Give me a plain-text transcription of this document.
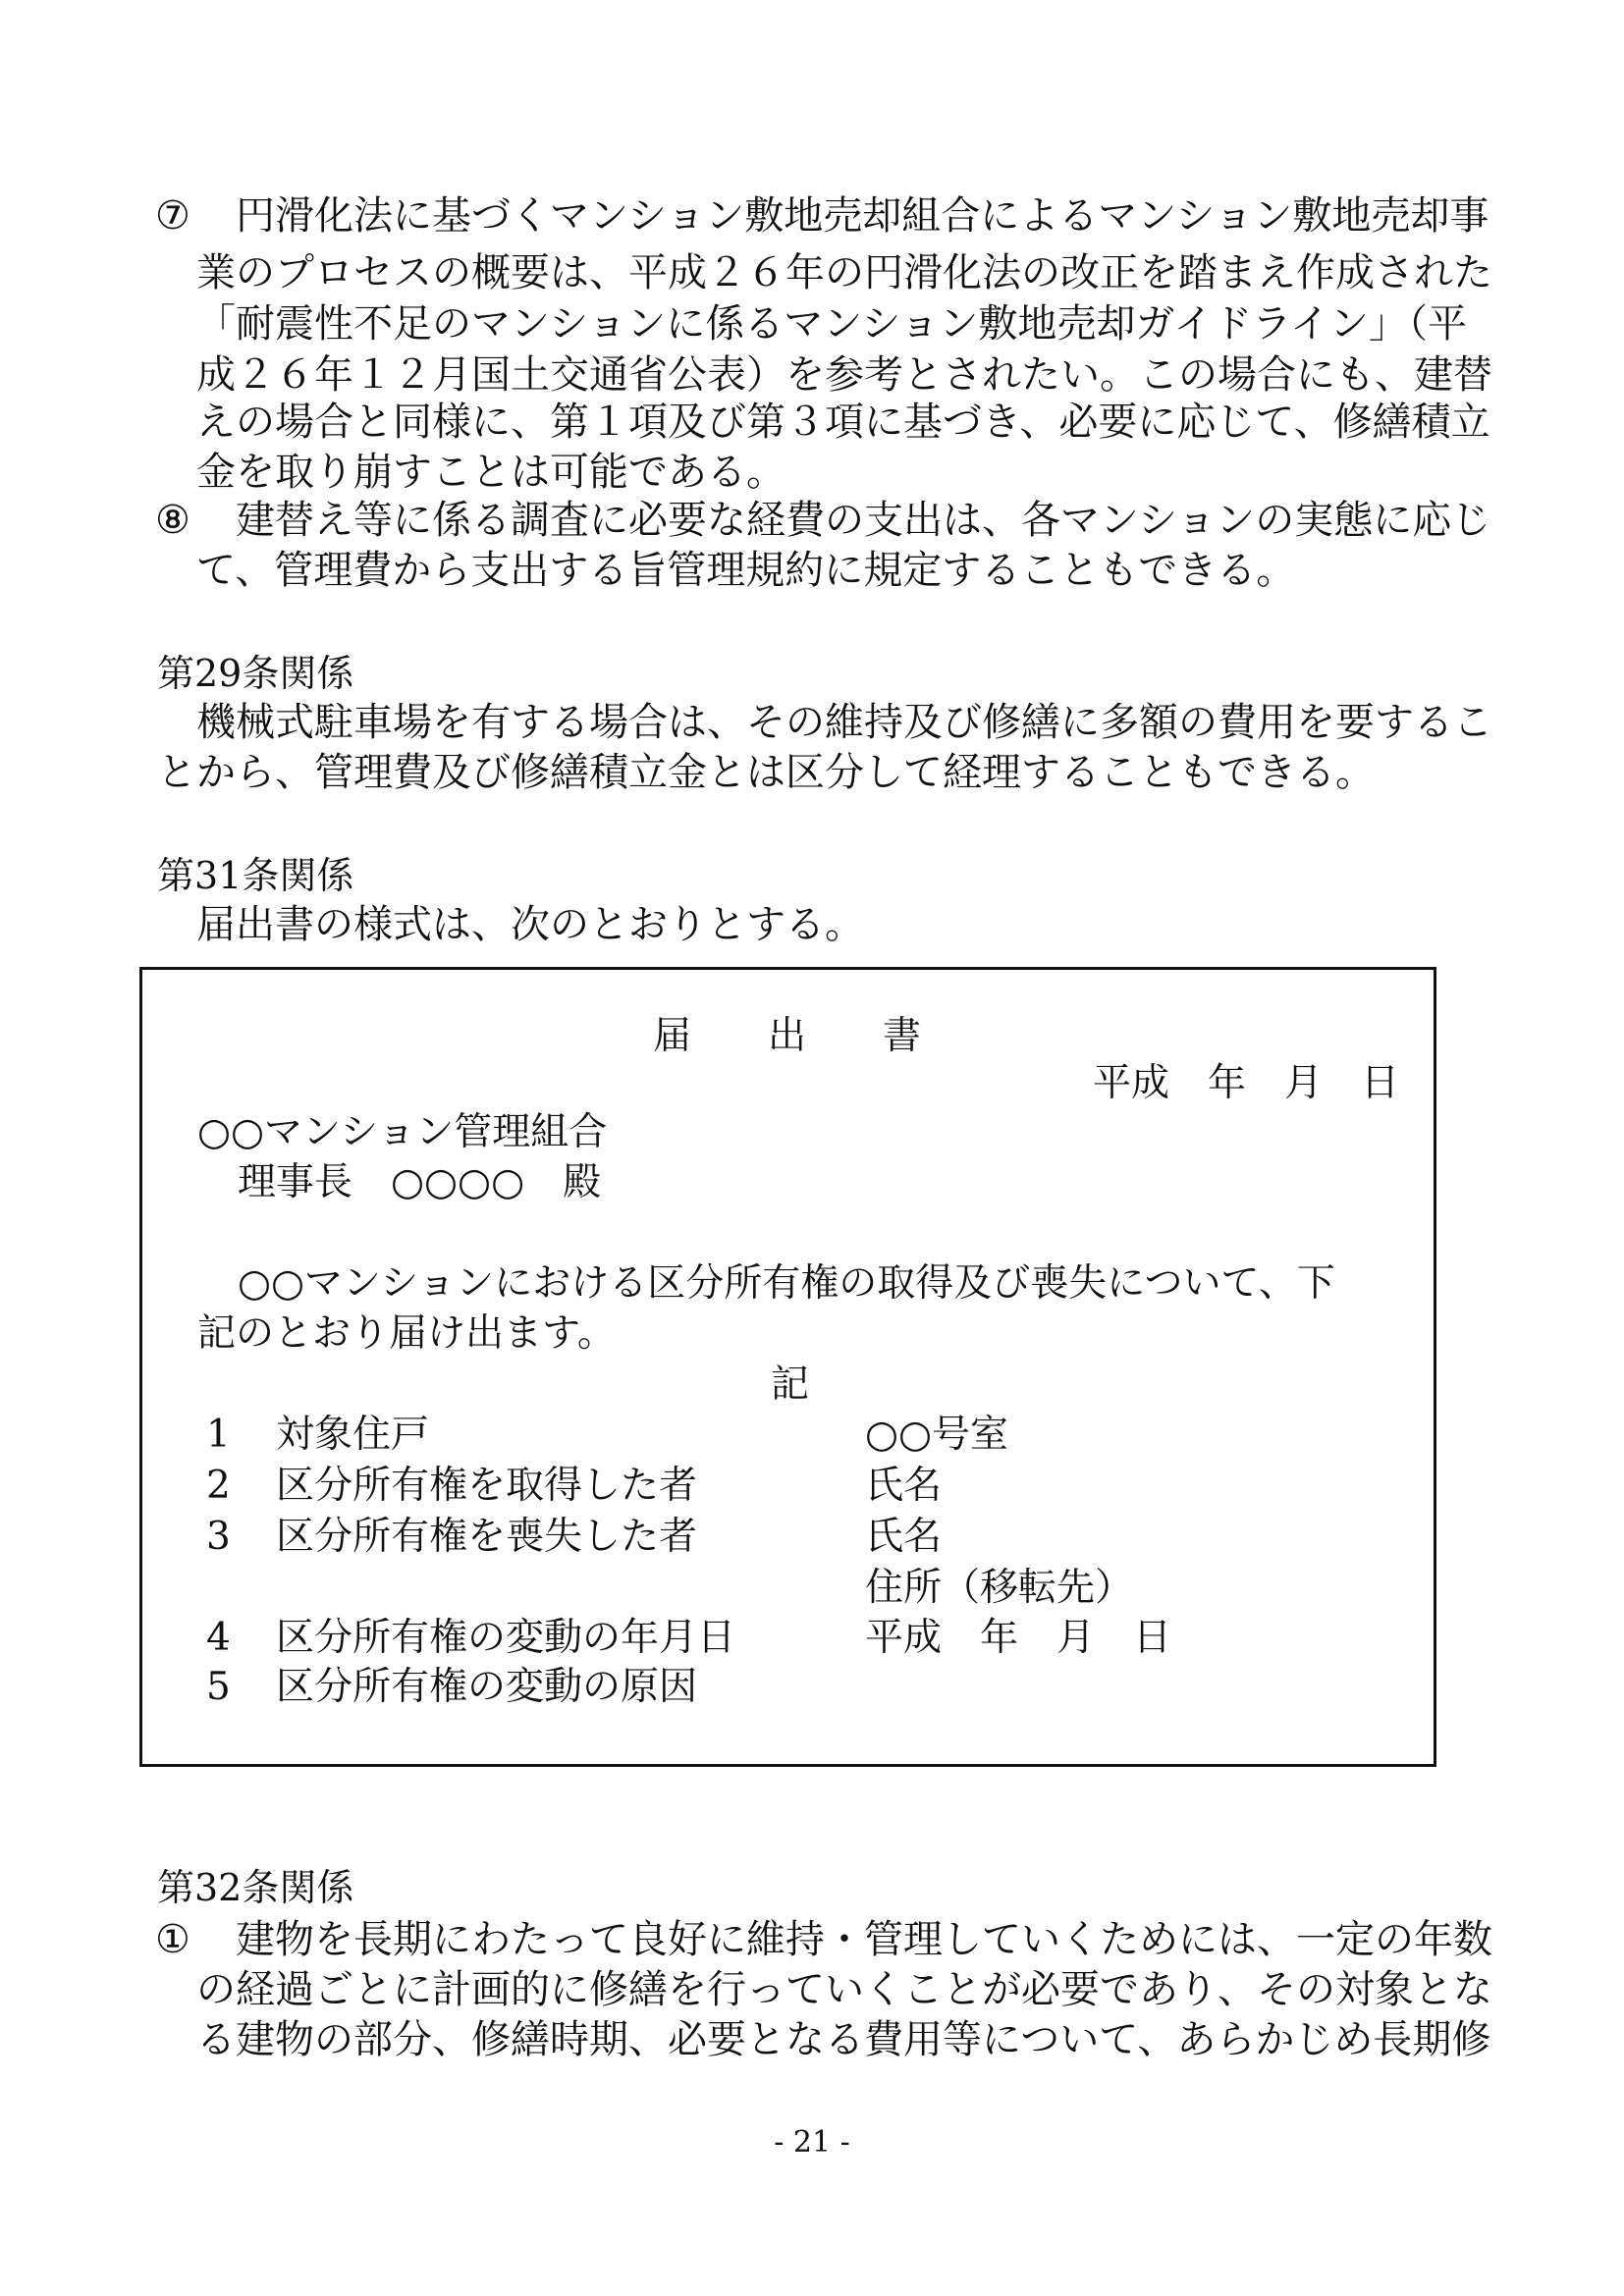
⑦ 円滑化法に基づくマンション敷地売却組合によるマンション敷地売却事

業のプロセスの概要は、平成２６年の円滑化法の改正を踏まえ作成された

「耐震性不足のマンションに係るマンション敷地売却ガイドライン」（平

成２６年１２月国土交通省公表）を参考とされたい。この場合にも、建替

えの場合と同様に、第１項及び第３項に基づき、必要に応じて、修繕積立

金を取り崩すことは可能である。

⑧ 建替え等に係る調査に必要な経費の支出は、各マンションの実態に応じ

て、管理費から支出する旨管理規約に規定することもできる。

第29条関係

機械式駐車場を有する場合は、その維持及び修繕に多額の費用を要するこ

とから、管理費及び修繕積立金とは区分して経理することもできる。

第31条関係

届出書の様式は、次のとおりとする。

届　　出　　書

平成　年　月　日

○○マンション管理組合

理事長　○○○○　殿

○○マンションにおける区分所有権の取得及び喪失について、下

記のとおり届け出ます。

記

1 対象住戸	○○号室

2 区分所有権を取得した者	氏名

3 区分所有権を喪失した者	氏名

住所（移転先）

4 区分所有権の変動の年月日	平成　年　月　日

5 区分所有権の変動の原因

第32条関係

① 建物を長期にわたって良好に維持・管理していくためには、一定の年数

の経過ごとに計画的に修繕を行っていくことが必要であり、その対象とな

る建物の部分、修繕時期、必要となる費用等について、あらかじめ長期修

- 21 -
